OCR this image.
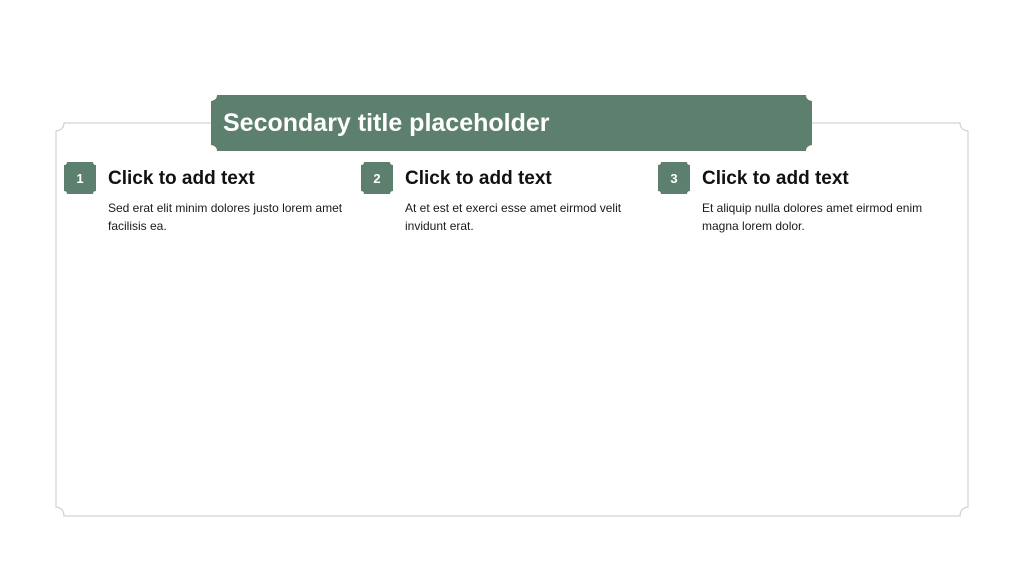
Secondary title placeholder
1	Click to add text
Sed erat elit minim dolores justo lorem amet facilisis ea.
2	Click to add text
At et est et exerci esse amet eirmod velit invidunt erat.
3	Click to add text
Et aliquip nulla dolores amet eirmod enim magna lorem dolor.
